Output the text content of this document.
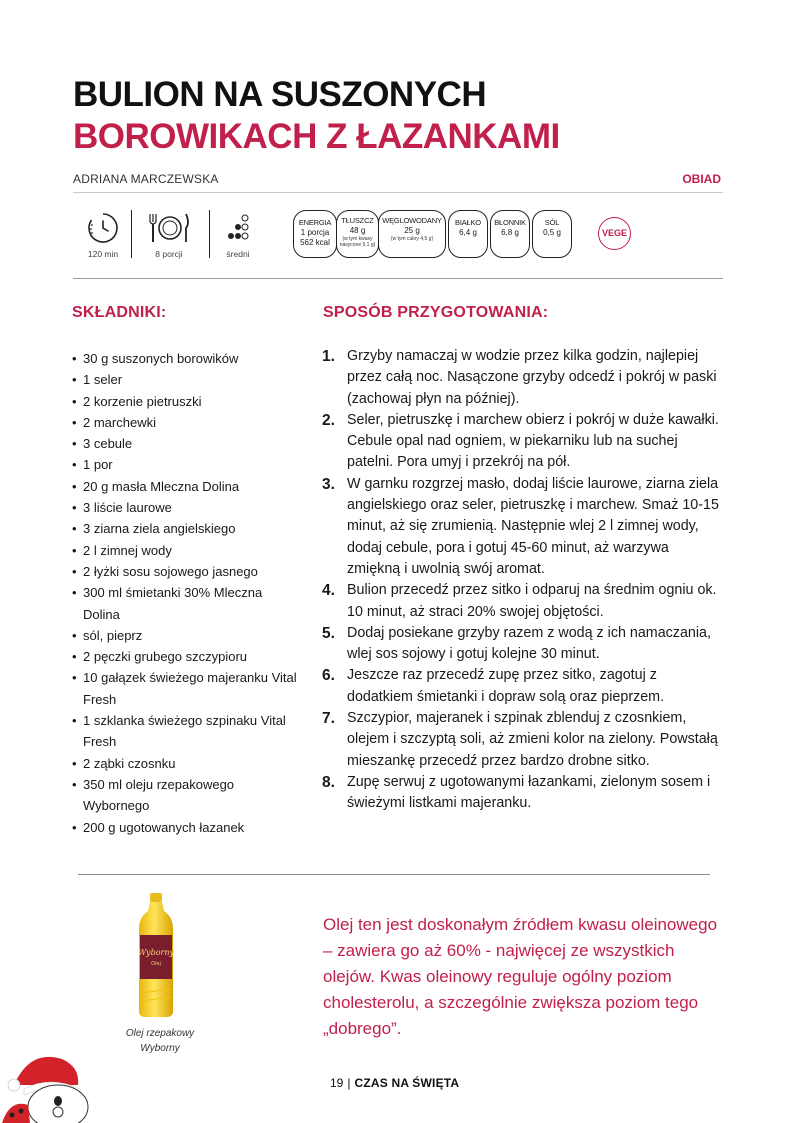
BULION NA SUSZONYCH
BOROWIKACH Z ŁAZANKAMI
ADRIANA MARCZEWSKA	OBIAD
120 min	8 porcji	średni
ENERGIA
1 porcja
562 kcal
TŁUSZCZ
48 g
(w tym kwasy
nasycone 5,1 g)
WĘGLOWODANY
25 g
(w tym cukry 4,5 g)
BIAŁKO
6,4 g
BŁONNIK
6,8 g
SÓL
0,5 g	VEGE
SKŁADNIKI:
• 30 g suszonych borowików
• 1 seler
• 2 korzenie pietruszki
• 2 marchewki
• 3 cebule
• 1 por
• 20 g masła Mleczna Dolina
• 3 liście laurowe
• 3 ziarna ziela angielskiego
• 2 l zimnej wody
• 2 łyżki sosu sojowego jasnego
• 300 ml śmietanki 30% Mleczna Dolina
• sól, pieprz
• 2 pęczki grubego szczypioru
• 10 gałązek świeżego majeranku Vital Fresh
• 1 szklanka świeżego szpinaku Vital Fresh
• 2 ząbki czosnku
• 350 ml oleju rzepakowego Wybornego
• 200 g ugotowanych łazanek
SPOSÓB PRZYGOTOWANIA:
1. Grzyby namaczaj w wodzie przez kilka godzin, najlepiej przez całą noc. Nasączone grzyby odcedź i pokrój w paski (zachowaj płyn na później).
2. Seler, pietruszkę i marchew obierz i pokrój w duże kawałki. Cebule opal nad ogniem, w piekarniku lub na suchej patelni. Pora umyj i przekrój na pół.
3. W garnku rozgrzej masło, dodaj liście laurowe, ziarna ziela angielskiego oraz seler, pietruszkę i marchew. Smaż 10-15 minut, aż się zrumienią. Następnie wlej 2 l zimnej wody, dodaj cebule, pora i gotuj 45-60 minut, aż warzywa zmiękną i uwolnią swój aromat.
4. Bulion przecedź przez sitko i odparuj na średnim ogniu ok. 10 minut, aż straci 20% swojej objętości.
5. Dodaj posiekane grzyby razem z wodą z ich namaczania, wlej sos sojowy i gotuj kolejne 30 minut.
6. Jeszcze raz przecedź zupę przez sitko, zagotuj z dodatkiem śmietanki i dopraw solą oraz pieprzem.
7. Szczypior, majeranek i szpinak zblenduj z czosnkiem, olejem i szczyptą soli, aż zmieni kolor na zielony. Powstałą mieszankę przecedź przez bardzo drobne sitko.
8. Zupę serwuj z ugotowanymi łazankami, zielonym sosem i świeżymi listkami majeranku.
Wyborny
Olej
Olej rzepakowy
Wyborny
Olej ten jest doskonałym źródłem kwasu oleinowego – zawiera go aż 60% - najwięcej ze wszystkich olejów. Kwas oleinowy reguluje ogólny poziom cholesterolu, a szczególnie zwiększa poziom tego „dobrego”.
19 | CZAS NA ŚWIĘTA
